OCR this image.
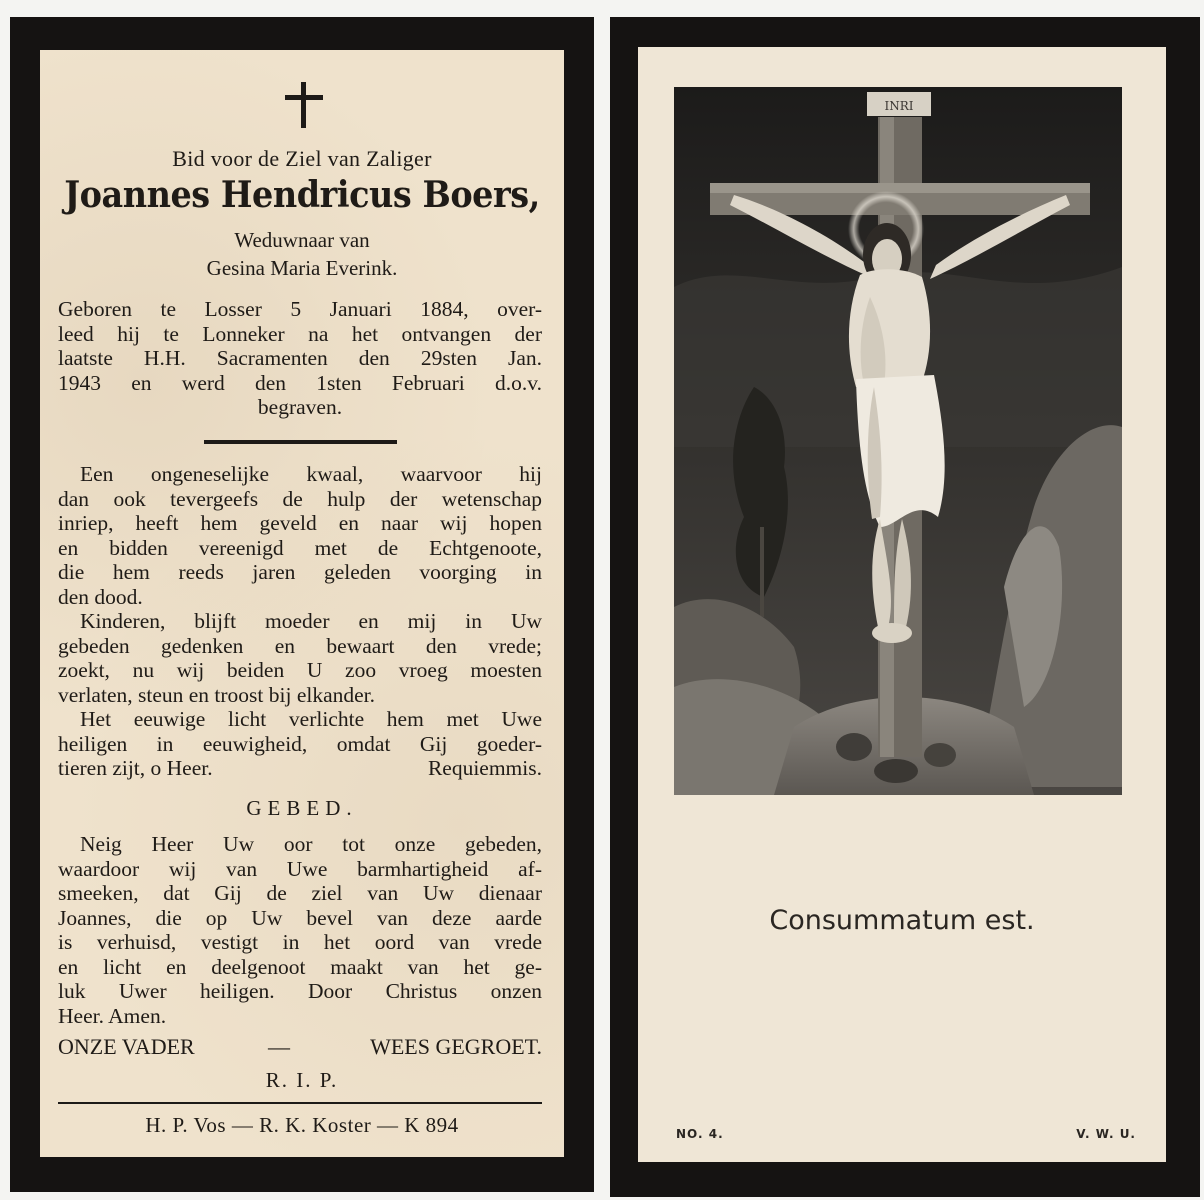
Bid voor de Ziel van Zaliger
Joannes Hendricus Boers,
Weduwnaar van
Gesina Maria Everink.
Geboren te Losser 5 Januari 1884, over-
leed hij te Lonneker na het ontvangen der
laatste H.H. Sacramenten den 29sten Jan.
1943 en werd den 1sten Februari d.o.v.
begraven.
Een ongeneselijke kwaal, waarvoor hij
dan ook tevergeefs de hulp der wetenschap
inriep, heeft hem geveld en naar wij hopen
en bidden vereenigd met de Echtgenoote,
die hem reeds jaren geleden voorging in
den dood.
Kinderen, blijft moeder en mij in Uw
gebeden gedenken en bewaart den vrede;
zoekt, nu wij beiden U zoo vroeg moesten
verlaten, steun en troost bij elkander.
Het eeuwige licht verlichte hem met Uwe
heiligen in eeuwigheid, omdat Gij goeder-
tieren zijt, o Heer.	Requiemmis.
GEBED.
Neig Heer Uw oor tot onze gebeden,
waardoor wij van Uwe barmhartigheid af-
smeeken, dat Gij de ziel van Uw dienaar
Joannes, die op Uw bevel van deze aarde
is verhuisd, vestigt in het oord van vrede
en licht en deelgenoot maakt van het ge-
luk Uwer heiligen. Door Christus onzen
Heer. Amen.
ONZE VADER	—	WEES GEGROET.
R. I. P.
H. P. Vos — R. K. Koster — K 894
INRI
Consummatum est.
NO. 4.	V. W. U.
